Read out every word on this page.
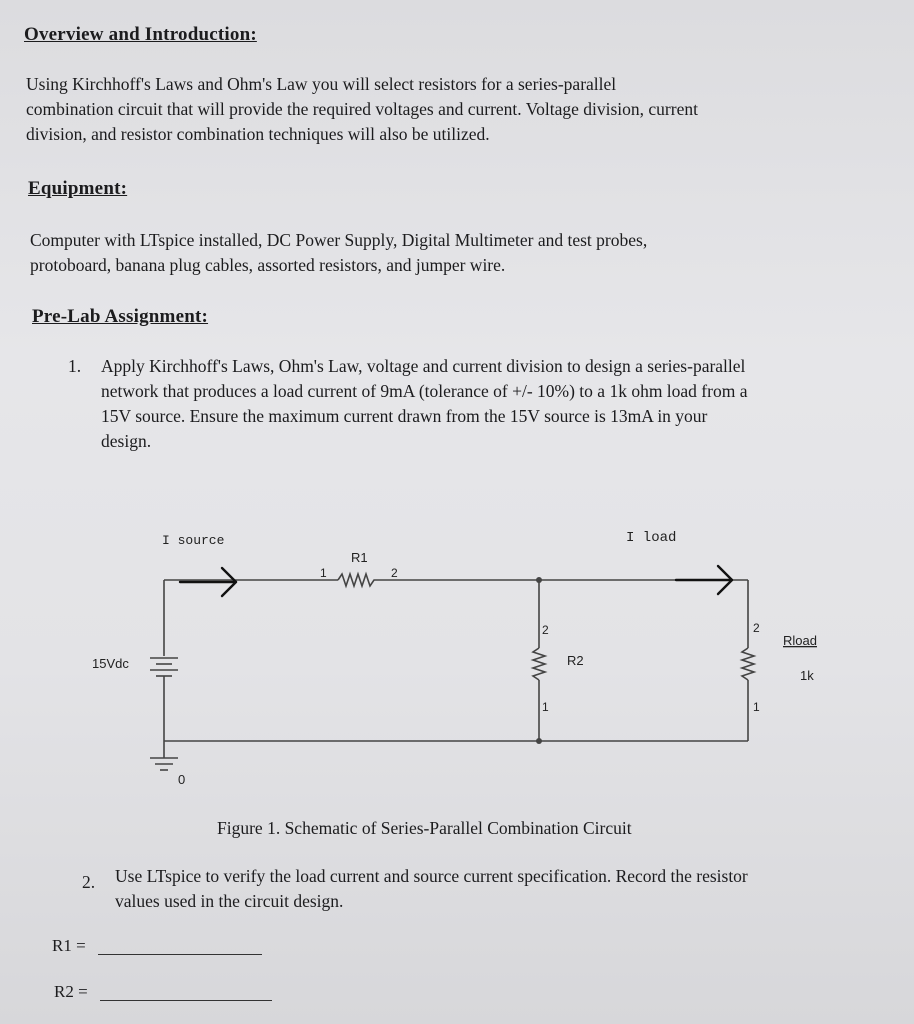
Overview and Introduction:
Using Kirchhoff's Laws and Ohm's Law you will select resistors for a series-parallel
combination circuit that will provide the required voltages and current. Voltage division, current
division, and resistor combination techniques will also be utilized.
Equipment:
Computer with LTspice installed, DC Power Supply, Digital Multimeter and test probes,
protoboard, banana plug cables, assorted resistors, and jumper wire.
Pre-Lab Assignment:
1. Apply Kirchhoff's Laws, Ohm's Law, voltage and current division to design a series-parallel
network that produces a load current of 9mA (tolerance of +/- 10%) to a 1k ohm load from a
15V source. Ensure the maximum current drawn from the 15V source is 13mA in your
design.
I source	I load
R1
1	2
2
R2
1
2
Rload
1k
1
15Vdc
0
Figure 1. Schematic of Series-Parallel Combination Circuit
2. Use LTspice to verify the load current and source current specification. Record the resistor
values used in the circuit design.
R1 =
R2 =
